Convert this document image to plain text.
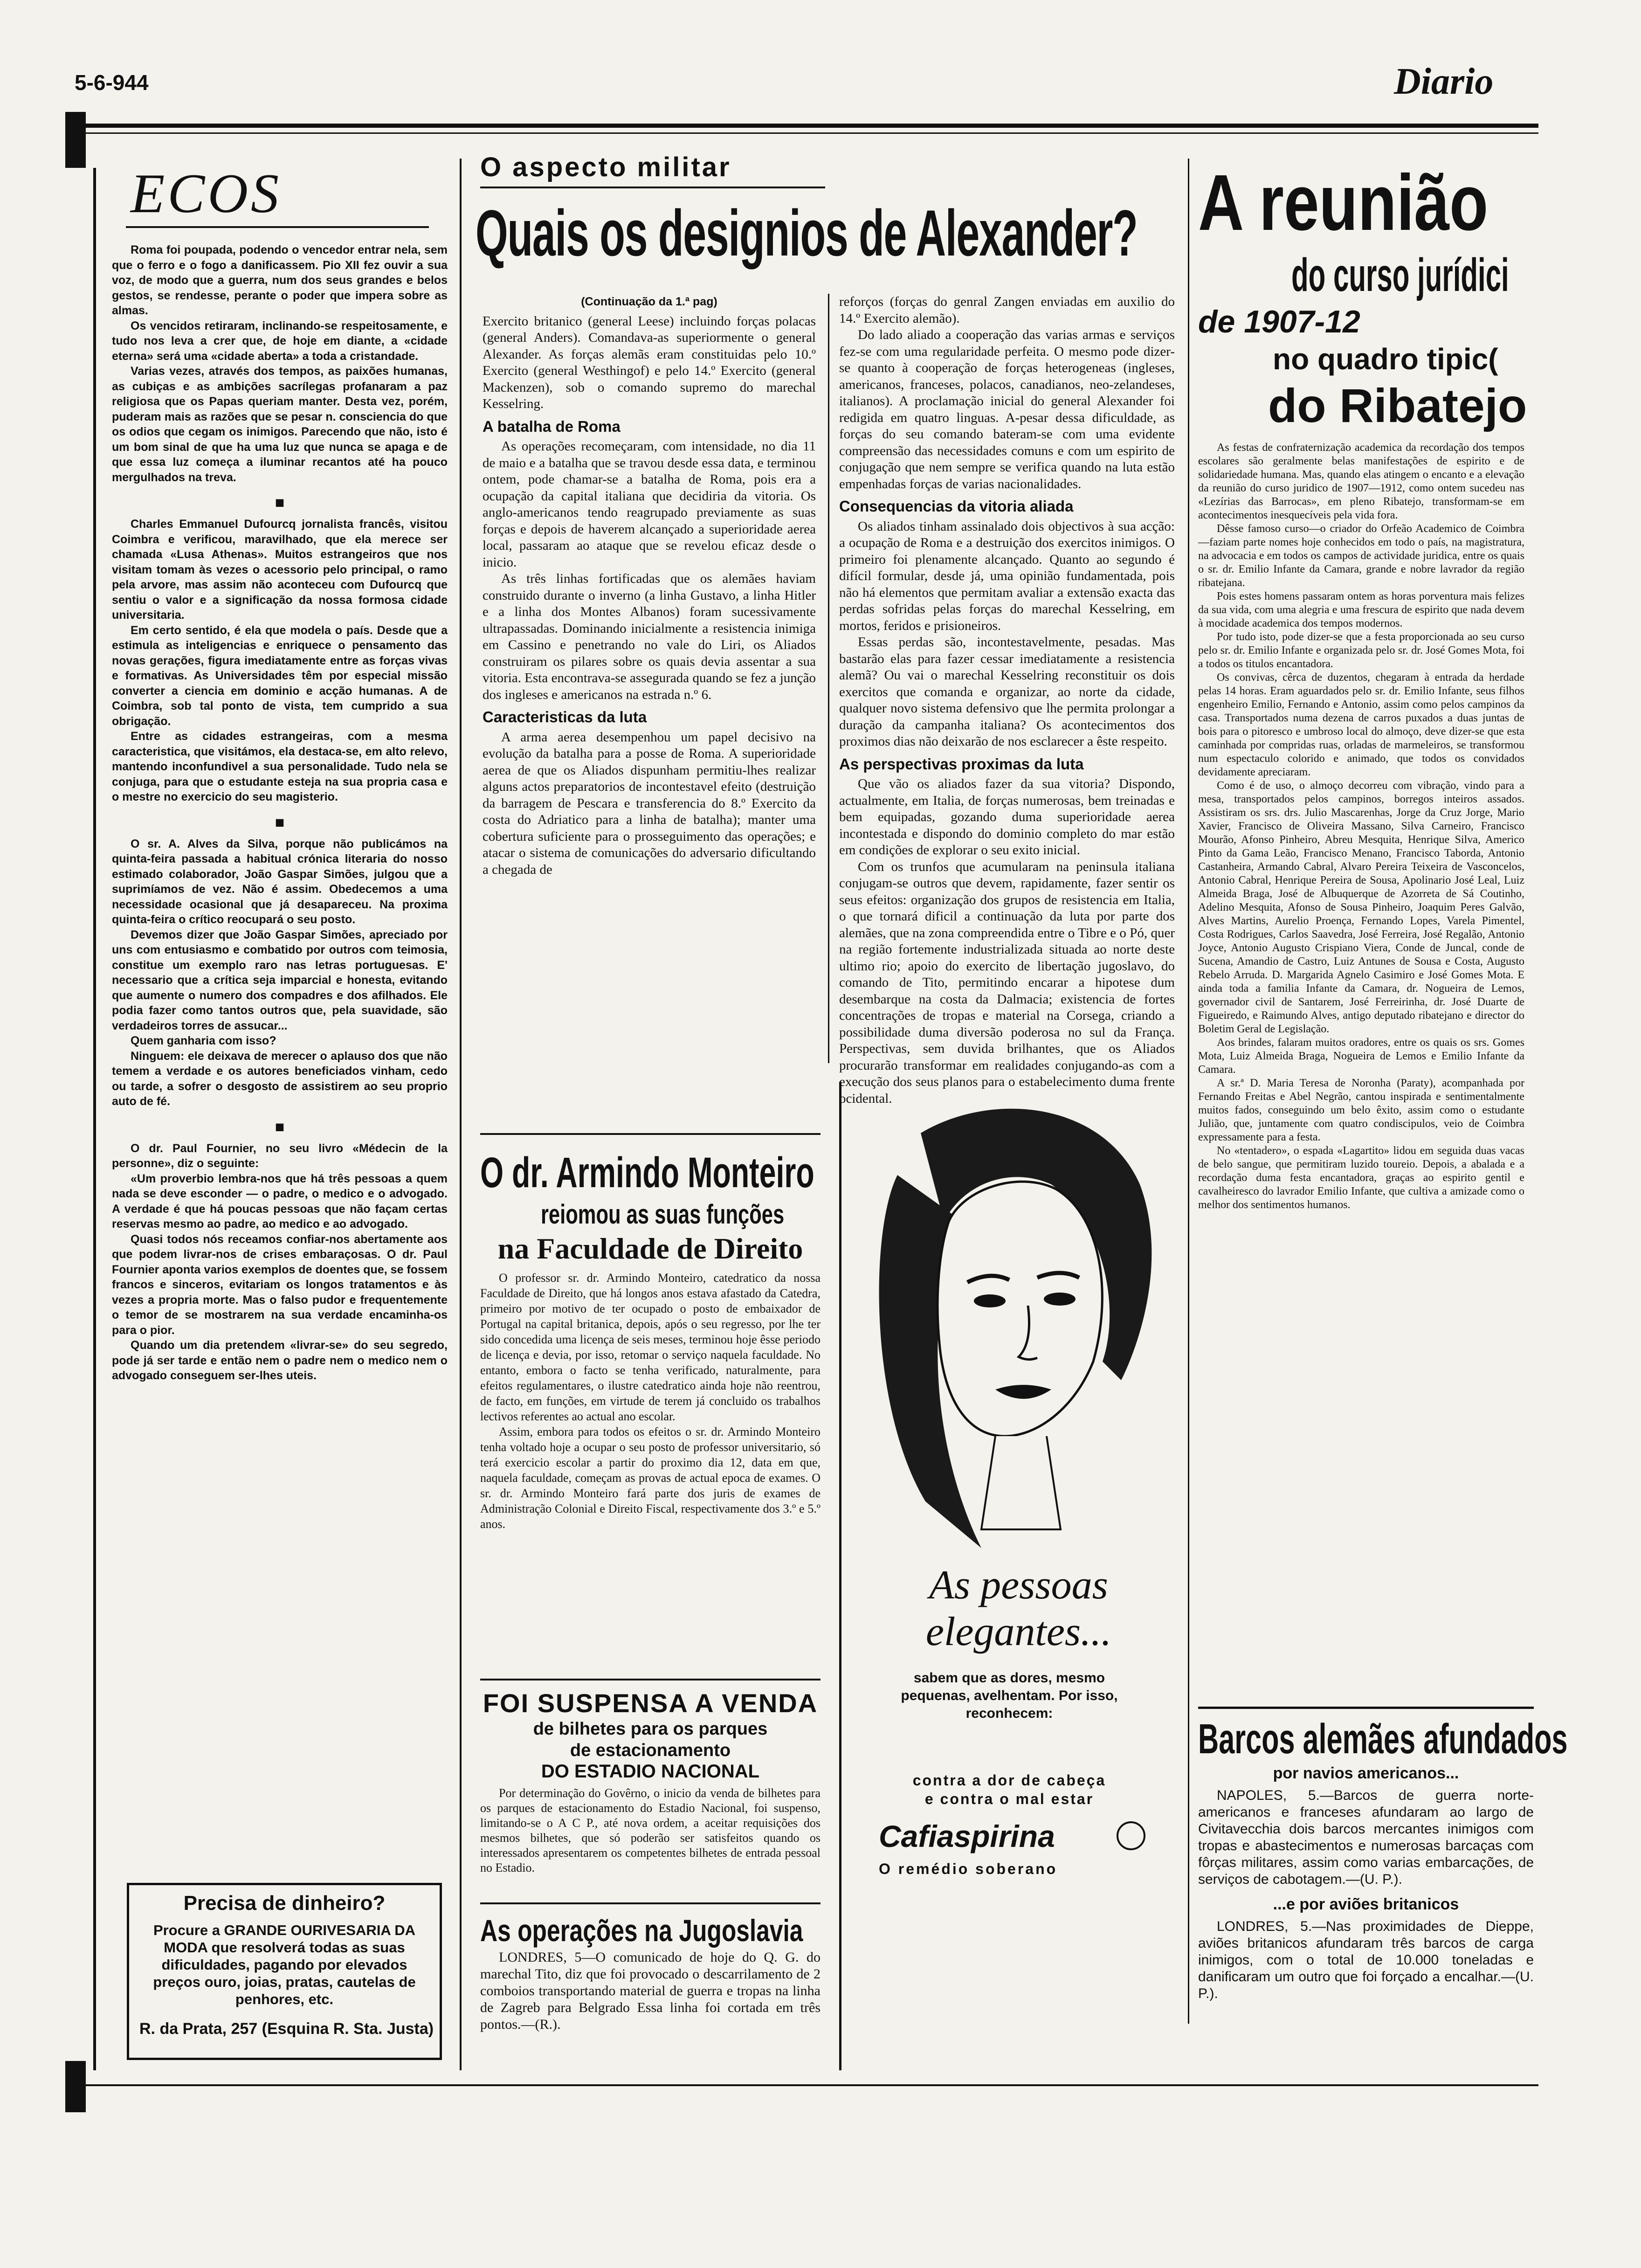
5-6-944	Diario
ECOS

Roma foi poupada, podendo o vencedor entrar nela, sem que o ferro e o fogo a danificassem. Pio XII fez ouvir a sua voz, de modo que a guerra, num dos seus grandes e belos gestos, se rendesse, perante o poder que impera sobre as almas.

Os vencidos retiraram, inclinando-se respeitosamente, e tudo nos leva a crer que, de hoje em diante, a «cidade eterna» será uma «cidade aberta» a toda a cristandade.

Varias vezes, através dos tempos, as paixões humanas, as cubiças e as ambições sacrílegas profanaram a paz religiosa que os Papas queriam manter. Desta vez, porém, puderam mais as razões que se pesar n. consciencia do que os odios que cegam os inimigos. Parecendo que não, isto é um bom sinal de que ha uma luz que nunca se apaga e de que essa luz começa a iluminar recantos até ha pouco mergulhados na treva.

■

Charles Emmanuel Dufourcq jornalista francês, visitou Coimbra e verificou, maravilhado, que ela merece ser chamada «Lusa Athenas». Muitos estrangeiros que nos visitam tomam às vezes o acessorio pelo principal, o ramo pela arvore, mas assim não aconteceu com Dufourcq que sentiu o valor e a significação da nossa formosa cidade universitaria.

Em certo sentido, é ela que modela o país. Desde que a estimula as inteligencias e enriquece o pensamento das novas gerações, figura imediatamente entre as forças vivas e formativas. As Universidades têm por especial missão converter a ciencia em dominio e acção humanas. A de Coimbra, sob tal ponto de vista, tem cumprido a sua obrigação.

Entre as cidades estrangeiras, com a mesma caracteristica, que visitámos, ela destaca-se, em alto relevo, mantendo inconfundivel a sua personalidade. Tudo nela se conjuga, para que o estudante esteja na sua propria casa e o mestre no exercicio do seu magisterio.

■

O sr. A. Alves da Silva, porque não publicámos na quinta-feira passada a habitual crónica literaria do nosso estimado colaborador, João Gaspar Simões, julgou que a suprimíamos de vez. Não é assim. Obedecemos a uma necessidade ocasional que já desapareceu. Na proxima quinta-feira o crítico reocupará o seu posto.

Devemos dizer que João Gaspar Simões, apreciado por uns com entusiasmo e combatido por outros com teimosia, constitue um exemplo raro nas letras portuguesas. E' necessario que a crítica seja imparcial e honesta, evitando que aumente o numero dos compadres e dos afilhados. Ele podia fazer como tantos outros que, pela suavidade, são verdadeiros torres de assucar...

Quem ganharia com isso?

Ninguem: ele deixava de merecer o aplauso dos que não temem a verdade e os autores beneficiados vinham, cedo ou tarde, a sofrer o desgosto de assistirem ao seu proprio auto de fé.

■

O dr. Paul Fournier, no seu livro «Médecin de la personne», diz o seguinte:

«Um proverbio lembra-nos que há três pessoas a quem nada se deve esconder — o padre, o medico e o advogado. A verdade é que há poucas pessoas que não façam certas reservas mesmo ao padre, ao medico e ao advogado.

Quasi todos nós receamos confiar-nos abertamente aos que podem livrar-nos de crises embaraçosas. O dr. Paul Fournier aponta varios exemplos de doentes que, se fossem francos e sinceros, evitariam os longos tratamentos e às vezes a propria morte. Mas o falso pudor e frequentemente o temor de se mostrarem na sua verdade encaminha-os para o pior.

Quando um dia pretendem «livrar-se» do seu segredo, pode já ser tarde e então nem o padre nem o medico nem o advogado conseguem ser-lhes uteis.

Precisa de dinheiro?
Procure a GRANDE OURIVESARIA DA MODA que resolverá todas as suas dificuldades, pagando por elevados preços ouro, joias, pratas, cautelas de penhores, etc.
R. da Prata, 257 (Esquina R. Sta. Justa)
O aspecto militar
Quais os designios de Alexander?
(Continuação da 1.ª pag)

Exercito britanico (general Leese) incluindo forças polacas (general Anders). Comandava-as superiormente o general Alexander. As forças alemãs eram constituidas pelo 10.º Exercito (general Westhingof) e pelo 14.º Exercito (general Mackenzen), sob o comando supremo do marechal Kesselring.

A batalha de Roma

As operações recomeçaram, com intensidade, no dia 11 de maio e a batalha que se travou desde essa data, e terminou ontem, pode chamar-se a batalha de Roma, pois era a ocupação da capital italiana que decidiria da vitoria. Os anglo-americanos tendo reagrupado previamente as suas forças e depois de haverem alcançado a superioridade aerea local, passaram ao ataque que se revelou eficaz desde o inicio.

As três linhas fortificadas que os alemães haviam construido durante o inverno (a linha Gustavo, a linha Hitler e a linha dos Montes Albanos) foram sucessivamente ultrapassadas. Dominando inicialmente a resistencia inimiga em Cassino e penetrando no vale do Liri, os Aliados construiram os pilares sobre os quais devia assentar a sua vitoria. Esta encontrava-se assegurada quando se fez a junção dos ingleses e americanos na estrada n.º 6.

Caracteristicas da luta

A arma aerea desempenhou um papel decisivo na evolução da batalha para a posse de Roma. A superioridade aerea de que os Aliados dispunham permitiu-lhes realizar alguns actos preparatorios de incontestavel efeito (destruição da barragem de Pescara e transferencia do 8.º Exercito da costa do Adriatico para a linha de batalha); manter uma cobertura suficiente para o prosseguimento das operações; e atacar o sistema de comunicações do adversario dificultando a chegada de

reforços (forças do genral Zangen enviadas em auxilio do 14.º Exercito alemão).

Do lado aliado a cooperação das varias armas e serviços fez-se com uma regularidade perfeita. O mesmo pode dizer-se quanto à cooperação de forças heterogeneas (ingleses, americanos, franceses, polacos, canadianos, neo-zelandeses, italianos). A proclamação inicial do general Alexander foi redigida em quatro linguas. A-pesar dessa dificuldade, as forças do seu comando bateram-se com uma evidente compreensão das necessidades comuns e com um espirito de conjugação que nem sempre se verifica quando na luta estão empenhadas forças de varias nacionalidades.

Consequencias da vitoria aliada

Os aliados tinham assinalado dois objectivos à sua acção: a ocupação de Roma e a destruição dos exercitos inimigos. O primeiro foi plenamente alcançado. Quanto ao segundo é difícil formular, desde já, uma opinião fundamentada, pois não há elementos que permitam avaliar a extensão exacta das perdas sofridas pelas forças do marechal Kesselring, em mortos, feridos e prisioneiros.

Essas perdas são, incontestavelmente, pesadas. Mas bastarão elas para fazer cessar imediatamente a resistencia alemã? Ou vai o marechal Kesselring reconstituir os dois exercitos que comanda e organizar, ao norte da cidade, qualquer novo sistema defensivo que lhe permita prolongar a duração da campanha italiana? Os acontecimentos dos proximos dias não deixarão de nos esclarecer a êste respeito.

As perspectivas proximas da luta

Que vão os aliados fazer da sua vitoria? Dispondo, actualmente, em Italia, de forças numerosas, bem treinadas e bem equipadas, gozando duma superioridade aerea incontestada e dispondo do dominio completo do mar estão em condições de explorar o seu exito inicial.

Com os trunfos que acumularam na peninsula italiana conjugam-se outros que devem, rapidamente, fazer sentir os seus efeitos: organização dos grupos de resistencia em Italia, o que tornará dificil a continuação da luta por parte dos alemães, que na zona compreendida entre o Tibre e o Pó, quer na região fortemente industrializada situada ao norte deste ultimo rio; apoio do exercito de libertação jugoslavo, do comando de Tito, permitindo encarar a hipotese dum desembarque na costa da Dalmacia; existencia de fortes concentrações de tropas e material na Corsega, criando a possibilidade duma diversão poderosa no sul da França. Perspectivas, sem duvida brilhantes, que os Aliados procurarão transformar em realidades conjugando-as com a execução dos seus planos para o estabelecimento duma frente ocidental.

O dr. Armindo Monteiro
reiomou as suas funções
na Faculdade de Direito

O professor sr. dr. Armindo Monteiro, catedratico da nossa Faculdade de Direito, que há longos anos estava afastado da Catedra, primeiro por motivo de ter ocupado o posto de embaixador de Portugal na capital britanica, depois, após o seu regresso, por lhe ter sido concedida uma licença de seis meses, terminou hoje êsse periodo de licença e devia, por isso, retomar o serviço naquela faculdade. No entanto, embora o facto se tenha verificado, naturalmente, para efeitos regulamentares, o ilustre catedratico ainda hoje não reentrou, de facto, em funções, em virtude de terem já concluido os trabalhos lectivos referentes ao actual ano escolar.

Assim, embora para todos os efeitos o sr. dr. Armindo Monteiro tenha voltado hoje a ocupar o seu posto de professor universitario, só terá exercicio escolar a partir do proximo dia 12, data em que, naquela faculdade, começam as provas de actual epoca de exames. O sr. dr. Armindo Monteiro fará parte dos juris de exames de Administração Colonial e Direito Fiscal, respectivamente dos 3.º e 5.º anos.

FOI SUSPENSA A VENDA
de bilhetes para os parques de estacionamento
DO ESTADIO NACIONAL
Por determinação do Govêrno, o inicio da venda de bilhetes para os parques de estacionamento do Estadio Nacional, foi suspenso, limitando-se o A C P., até nova ordem, a aceitar requisições dos mesmos bilhetes, que só poderão ser satisfeitos quando os interessados apresentarem os competentes bilhetes de entrada pessoal no Estadio.
As operações na Jugoslavia
LONDRES, 5—O comunicado de hoje do Q. G. do marechal Tito, diz que foi provocado o descarrilamento de 2 comboios transportando material de guerra e tropas na linha de Zagreb para Belgrado Essa linha foi cortada em três pontos.—(R.).
As pessoas elegantes...
sabem que as dores, mesmo pequenas, avelhentam. Por isso, reconhecem:
contra a dor de cabeça
e contra o mal estar
Cafiaspirina
O remédio soberano
A reunião
do curso jurídici
de 1907-12
no quadro tipic(
do Ribatejo

As festas de confraternização academica da recordação dos tempos escolares são geralmente belas manifestações de espirito e de solidariedade humana. Mas, quando elas atingem o encanto e a elevação da reunião do curso juridico de 1907—1912, como ontem sucedeu nas «Lezírias das Barrocas», em pleno Ribatejo, transformam-se em acontecimentos inesquecíveis pela vida fora.

Dêsse famoso curso—o criador do Orfeão Academico de Coimbra—faziam parte nomes hoje conhecidos em todo o país, na magistratura, na advocacia e em todos os campos de actividade juridica, entre os quais o sr. dr. Emilio Infante da Camara, grande e nobre lavrador da região ribatejana.

Pois estes homens passaram ontem as horas porventura mais felizes da sua vida, com uma alegria e uma frescura de espirito que nada devem à mocidade academica dos tempos modernos.

Por tudo isto, pode dizer-se que a festa proporcionada ao seu curso pelo sr. dr. Emilio Infante e organizada pelo sr. dr. José Gomes Mota, foi a todos os titulos encantadora.

Os convivas, cêrca de duzentos, chegaram à entrada da herdade pelas 14 horas. Eram aguardados pelo sr. dr. Emilio Infante, seus filhos engenheiro Emilio, Fernando e Antonio, assim como pelos campinos da casa. Transportados numa dezena de carros puxados a duas juntas de bois para o pitoresco e umbroso local do almoço, deve dizer-se que esta caminhada por compridas ruas, orladas de marmeleiros, se transformou num espectaculo colorido e animado, que todos os convidados devidamente apreciaram.

Como é de uso, o almoço decorreu com vibração, vindo para a mesa, transportados pelos campinos, borregos inteiros assados. Assistiram os srs. drs. Julio Mascarenhas, Jorge da Cruz Jorge, Mario Xavier, Francisco de Oliveira Massano, Silva Carneiro, Francisco Mourão, Afonso Pinheiro, Abreu Mesquita, Henrique Silva, Americo Pinto da Gama Leão, Francisco Menano, Francisco Taborda, Antonio Castanheira, Armando Cabral, Alvaro Pereira Teixeira de Vasconcelos, Antonio Cabral, Henrique Pereira de Sousa, Apolinario José Leal, Luiz Almeida Braga, José de Albuquerque de Azorreta de Sá Coutinho, Adelino Mesquita, Afonso de Sousa Pinheiro, Joaquim Peres Galvão, Alves Martins, Aurelio Proença, Fernando Lopes, Varela Pimentel, Costa Rodrigues, Carlos Saavedra, José Ferreira, José Regalão, Antonio Joyce, Antonio Augusto Crispiano Viera, Conde de Juncal, conde de Sucena, Amandio de Castro, Luiz Antunes de Sousa e Costa, Augusto Rebelo Arruda. D. Margarida Agnelo Casimiro e José Gomes Mota. E ainda toda a familia Infante da Camara, dr. Nogueira de Lemos, governador civil de Santarem, José Ferreirinha, dr. José Duarte de Figueiredo, e Raimundo Alves, antigo deputado ribatejano e director do Boletim Geral de Legislação.

Aos brindes, falaram muitos oradores, entre os quais os srs. Gomes Mota, Luiz Almeida Braga, Nogueira de Lemos e Emilio Infante da Camara.

A sr.ª D. Maria Teresa de Noronha (Paraty), acompanhada por Fernando Freitas e Abel Negrão, cantou inspirada e sentimentalmente muitos fados, conseguindo um belo êxito, assim como o estudante Julião, que, juntamente com quatro condiscipulos, veio de Coimbra expressamente para a festa.

No «tentadero», o espada «Lagartito» lidou em seguida duas vacas de belo sangue, que permitiram luzido toureio. Depois, a abalada e a recordação duma festa encantadora, graças ao espirito gentil e cavalheiresco do lavrador Emilio Infante, que cultiva a amizade como o melhor dos sentimentos humanos.

Barcos alemães afundados
por navios americanos...
NAPOLES, 5.—Barcos de guerra norte-americanos e franceses afundaram ao largo de Civitavecchia dois barcos mercantes inimigos com tropas e abastecimentos e numerosas barcaças com fôrças militares, assim como varias embarcações, de serviços de cabotagem.—(U. P.).
...e por aviões britanicos
LONDRES, 5.—Nas proximidades de Dieppe, aviões britanicos afundaram três barcos de carga inimigos, com o total de 10.000 toneladas e danificaram um outro que foi forçado a encalhar.—(U. P.).
